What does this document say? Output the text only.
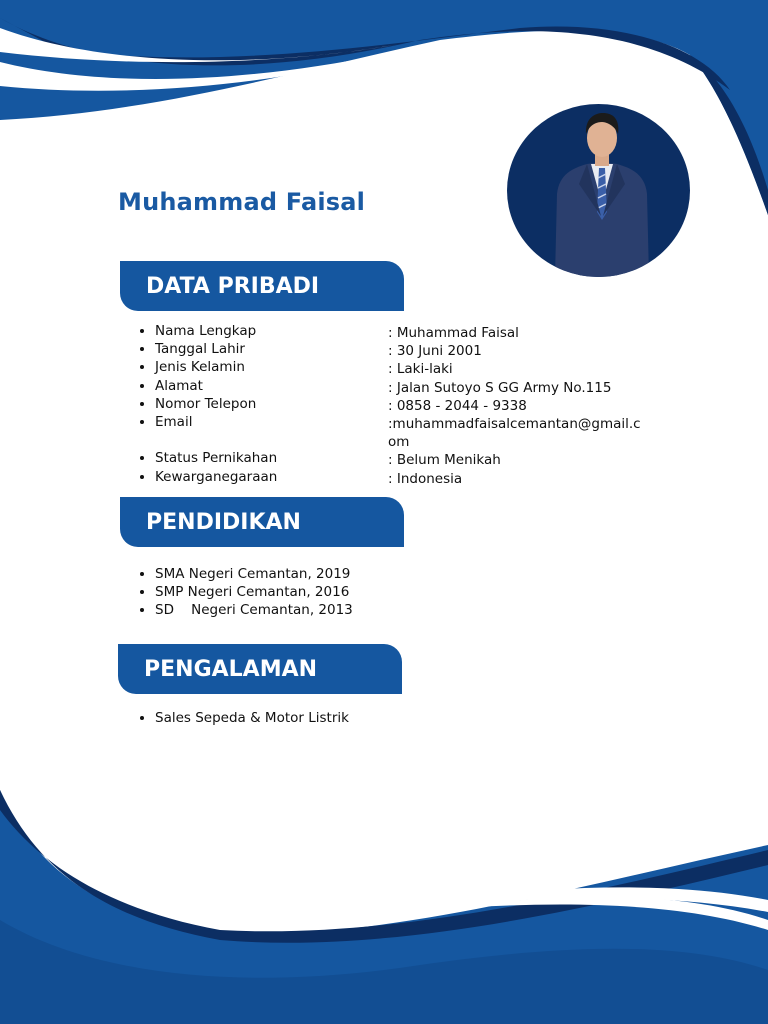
Muhammad Faisal
DATA PRIBADI
• Nama Lengkap
• Tanggal Lahir
• Jenis Kelamin
• Alamat
• Nomor Telepon
• Email
• Status Pernikahan
• Kewarganegaraan
: Muhammad Faisal
: 30 Juni 2001
: Laki-laki
: Jalan Sutoyo S GG Army No.115
: 0858 - 2044 - 9338
:muhammadfaisalcemantan@gmail.com
: Belum Menikah
: Indonesia
PENDIDIKAN
• SMA Negeri Cemantan, 2019
• SMP Negeri Cemantan, 2016
• SD    Negeri Cemantan, 2013
PENGALAMAN
• Sales Sepeda & Motor Listrik
